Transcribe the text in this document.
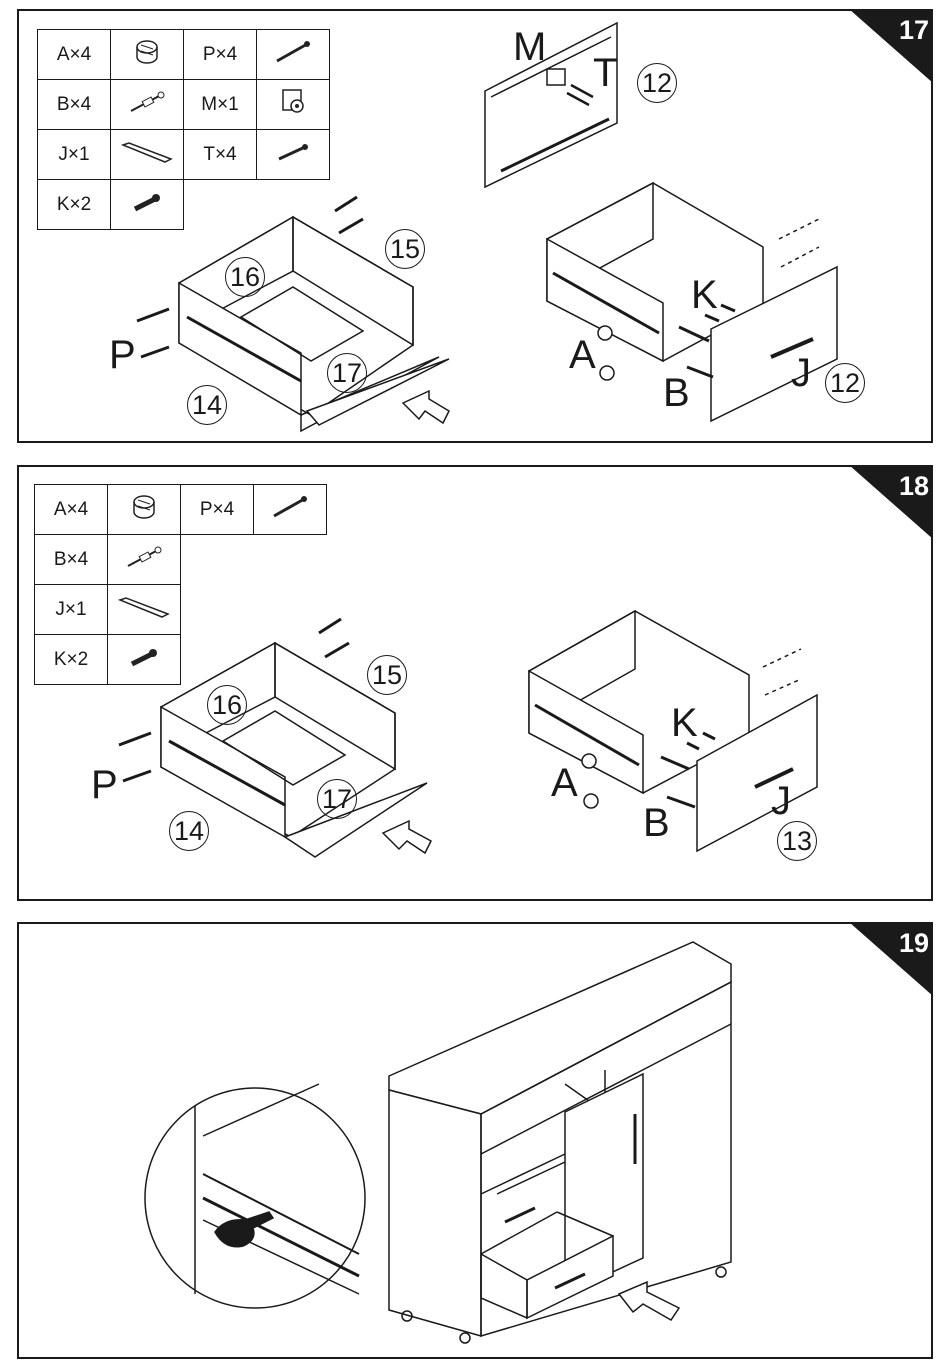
17
A×4		P×4	
B×4		M×1	
J×1		T×4	
K×2			
M
T
P	A
B
K
J
12
15
16
17
14
12
18
A×4		P×4	
B×4			
J×1			
K×2			
P	A
B
K
J
16
15
17
14	13
19
